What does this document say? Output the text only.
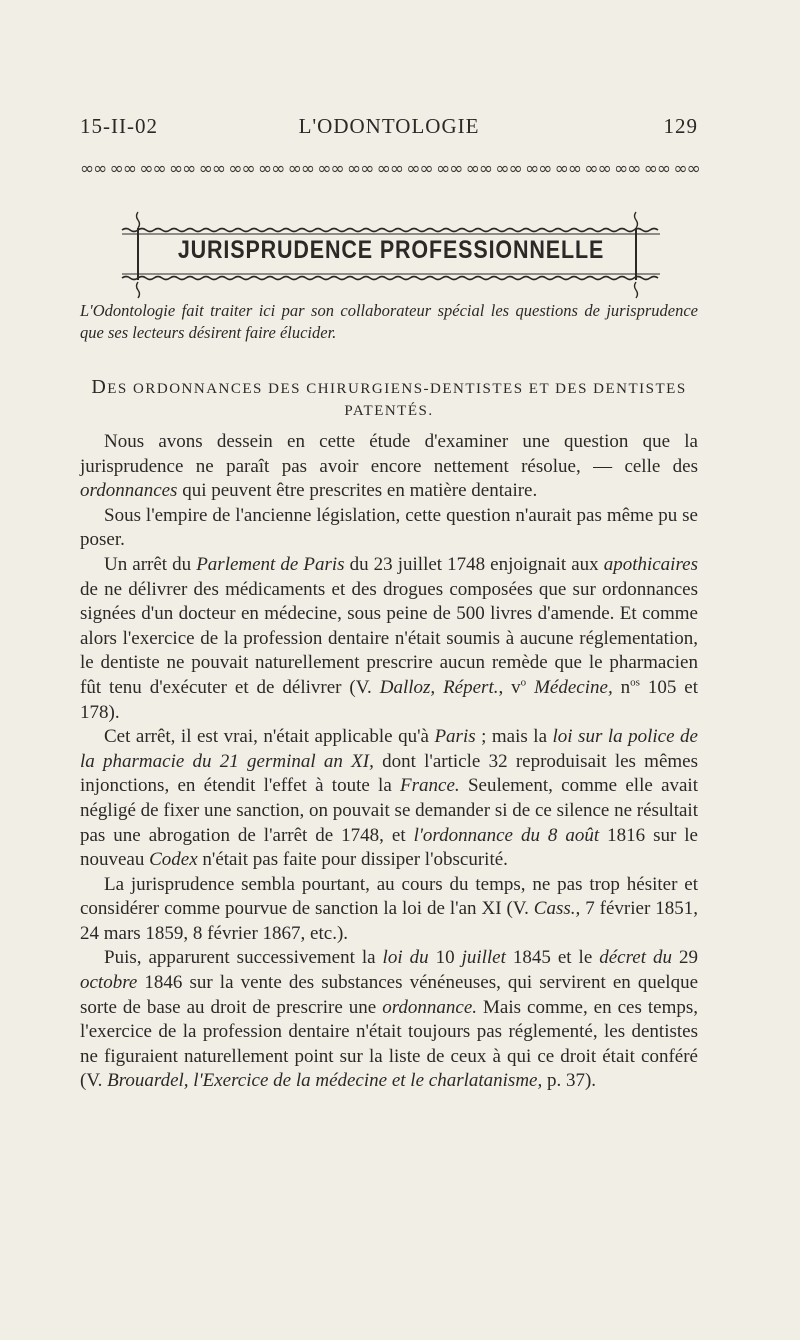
15-II-02	L'ODONTOLOGIE	129
∞∞ ∞∞ ∞∞ ∞∞ ∞∞ ∞∞ ∞∞ ∞∞ ∞∞ ∞∞ ∞∞ ∞∞ ∞∞ ∞∞ ∞∞ ∞∞ ∞∞ ∞∞ ∞∞ ∞∞ ∞∞
JURISPRUDENCE PROFESSIONNELLE
L'Odontologie fait traiter ici par son collaborateur spécial les questions de jurisprudence que ses lecteurs désirent faire élucider.
DES ORDONNANCES DES CHIRURGIENS-DENTISTES ET DES DENTISTES PATENTÉS.

Nous avons dessein en cette étude d'examiner une question que la jurisprudence ne paraît pas avoir encore nettement résolue, — celle des ordonnances qui peuvent être prescrites en matière dentaire.

Sous l'empire de l'ancienne législation, cette question n'aurait pas même pu se poser.

Un arrêt du Parlement de Paris du 23 juillet 1748 enjoignait aux apothicaires de ne délivrer des médicaments et des drogues composées que sur ordonnances signées d'un docteur en médecine, sous peine de 500 livres d'amende. Et comme alors l'exercice de la profession dentaire n'était soumis à aucune réglementation, le dentiste ne pouvait naturellement prescrire aucun remède que le pharmacien fût tenu d'exécuter et de délivrer (V. Dalloz, Répert., $v^o$ Médecine, $n^{os}$ 105 et 178).

Cet arrêt, il est vrai, n'était applicable qu'à Paris ; mais la loi sur la police de la pharmacie du 21 germinal an XI, dont l'article 32 reproduisait les mêmes injonctions, en étendit l'effet à toute la France. Seulement, comme elle avait négligé de fixer une sanction, on pouvait se demander si de ce silence ne résultait pas une abrogation de l'arrêt de 1748, et l'ordonnance du 8 août 1816 sur le nouveau Codex n'était pas faite pour dissiper l'obscurité.

La jurisprudence sembla pourtant, au cours du temps, ne pas trop hésiter et considérer comme pourvue de sanction la loi de l'an XI (V. Cass., 7 février 1851, 24 mars 1859, 8 février 1867, etc.).

Puis, apparurent successivement la loi du 10 juillet 1845 et le décret du 29 octobre 1846 sur la vente des substances vénéneuses, qui servirent en quelque sorte de base au droit de prescrire une ordonnance. Mais comme, en ces temps, l'exercice de la profession dentaire n'était toujours pas réglementé, les dentistes ne figuraient naturellement point sur la liste de ceux à qui ce droit était conféré (V. Brouardel, l'Exercice de la médecine et le charlatanisme, p. 37).
